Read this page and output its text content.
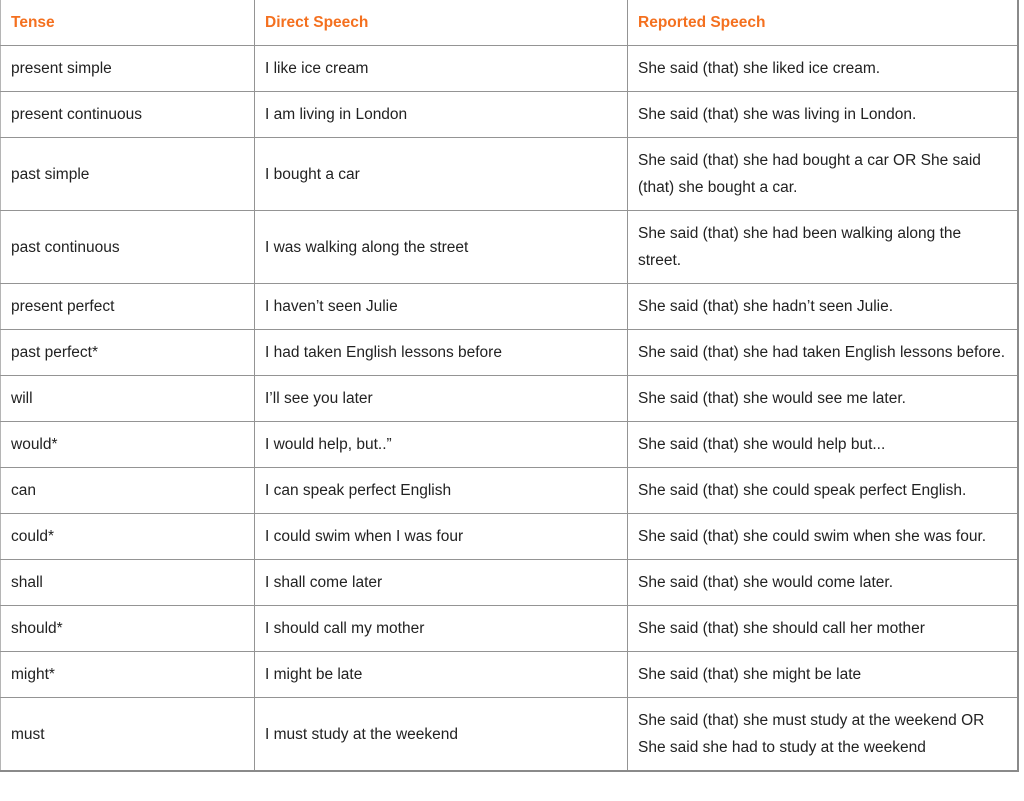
Tense	Direct Speech	Reported Speech
present simple	I like ice cream	She said (that) she liked ice cream.
present continuous	I am living in London	She said (that) she was living in London.
past simple	I bought a car	She said (that) she had bought a car OR She said (that) she bought a car.
past continuous	I was walking along the street	She said (that) she had been walking along the street.
present perfect	I haven’t seen Julie	She said (that) she hadn’t seen Julie.
past perfect*	I had taken English lessons before	She said (that) she had taken English lessons before.
will	I’ll see you later	She said (that) she would see me later.
would*	I would help, but..”	She said (that) she would help but...
can	I can speak perfect English	She said (that) she could speak perfect English.
could*	I could swim when I was four	She said (that) she could swim when she was four.
shall	I shall come later	She said (that) she would come later.
should*	I should call my mother	She said (that) she should call her mother
might*	I might be late	She said (that) she might be late
must	I must study at the weekend	She said (that) she must study at the weekend OR She said she had to study at the weekend
